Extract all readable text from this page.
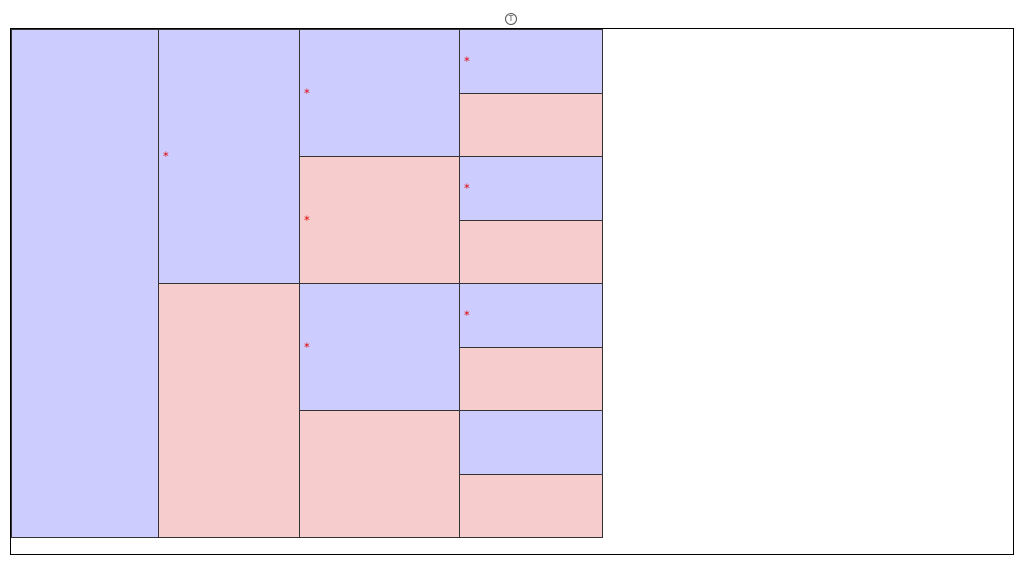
T
*
*
*
*
*
*
*
